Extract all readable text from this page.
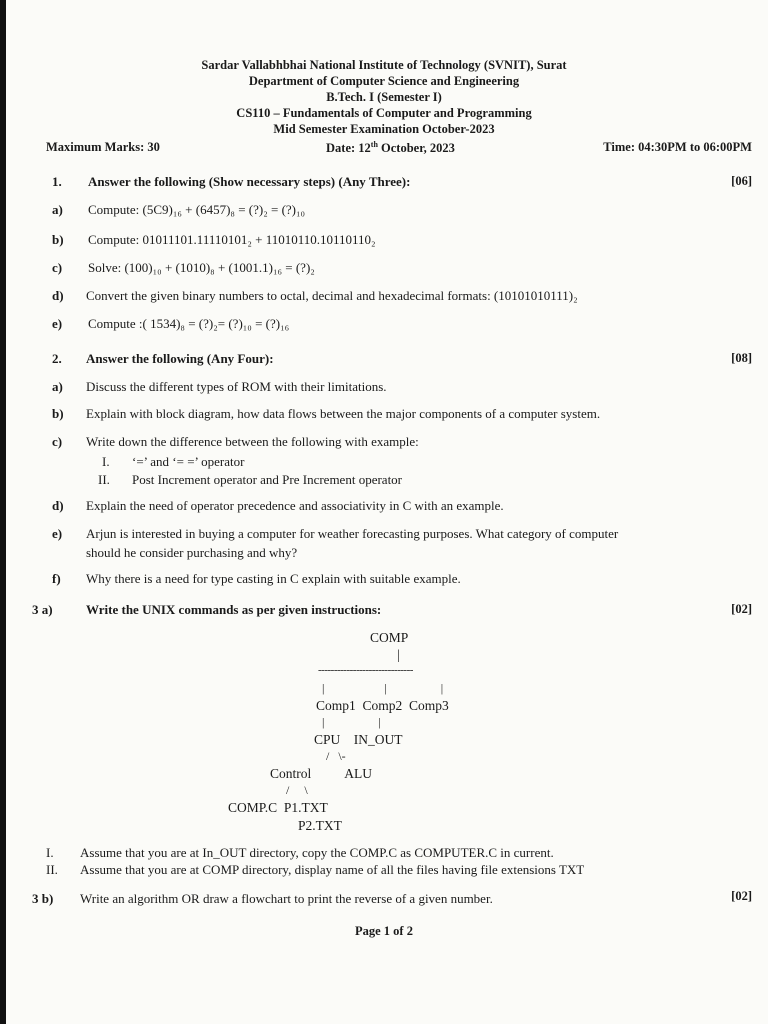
Sardar Vallabhbhai National Institute of Technology (SVNIT), Surat
Department of Computer Science and Engineering
B.Tech. I (Semester I)
CS110 – Fundamentals of Computer and Programming
Mid Semester Examination October-2023
Maximum Marks: 30	Date: 12th October, 2023	Time: 04:30PM to 06:00PM
1. Answer the following (Show necessary steps) (Any Three):	[06]
a) Compute: (5C9)₁₆ + (6457)₈ = (?)₂ = (?)₁₀
b) Compute: 01011101.11110101₂ + 11010110.10110110₂
c) Solve: (100)₁₀ + (1010)₈ + (1001.1)₁₆ = (?)₂
d) Convert the given binary numbers to octal, decimal and hexadecimal formats: (10101010111)₂
e) Compute :( 1534)₈ = (?)₂= (?)₁₀ = (?)₁₆
2. Answer the following (Any Four):	[08]
a) Discuss the different types of ROM with their limitations.
b) Explain with block diagram, how data flows between the major components of a computer system.
c) Write down the difference between the following with example:
I. ‘=’ and ‘= =’ operator
II. Post Increment operator and Pre Increment operator
d) Explain the need of operator precedence and associativity in C with an example.
e) Arjun is interested in buying a computer for weather forecasting purposes. What category of computer
should he consider purchasing and why?
f) Why there is a need for type casting in C explain with suitable example.
3 a)	Write the UNIX commands as per given instructions:	[02]
COMP
|
------------------------------
|                    |                  |
Comp1  Comp2  Comp3
|                  |
CPU    IN_OUT
/   \-
Control          ALU
/     \
COMP.C  P1.TXT
P2.TXT
I. Assume that you are at In_OUT directory, copy the COMP.C as COMPUTER.C in current.
II. Assume that you are at COMP directory, display name of all the files having file extensions TXT
3 b) Write an algorithm OR draw a flowchart to print the reverse of a given number.	[02]
Page 1 of 2
